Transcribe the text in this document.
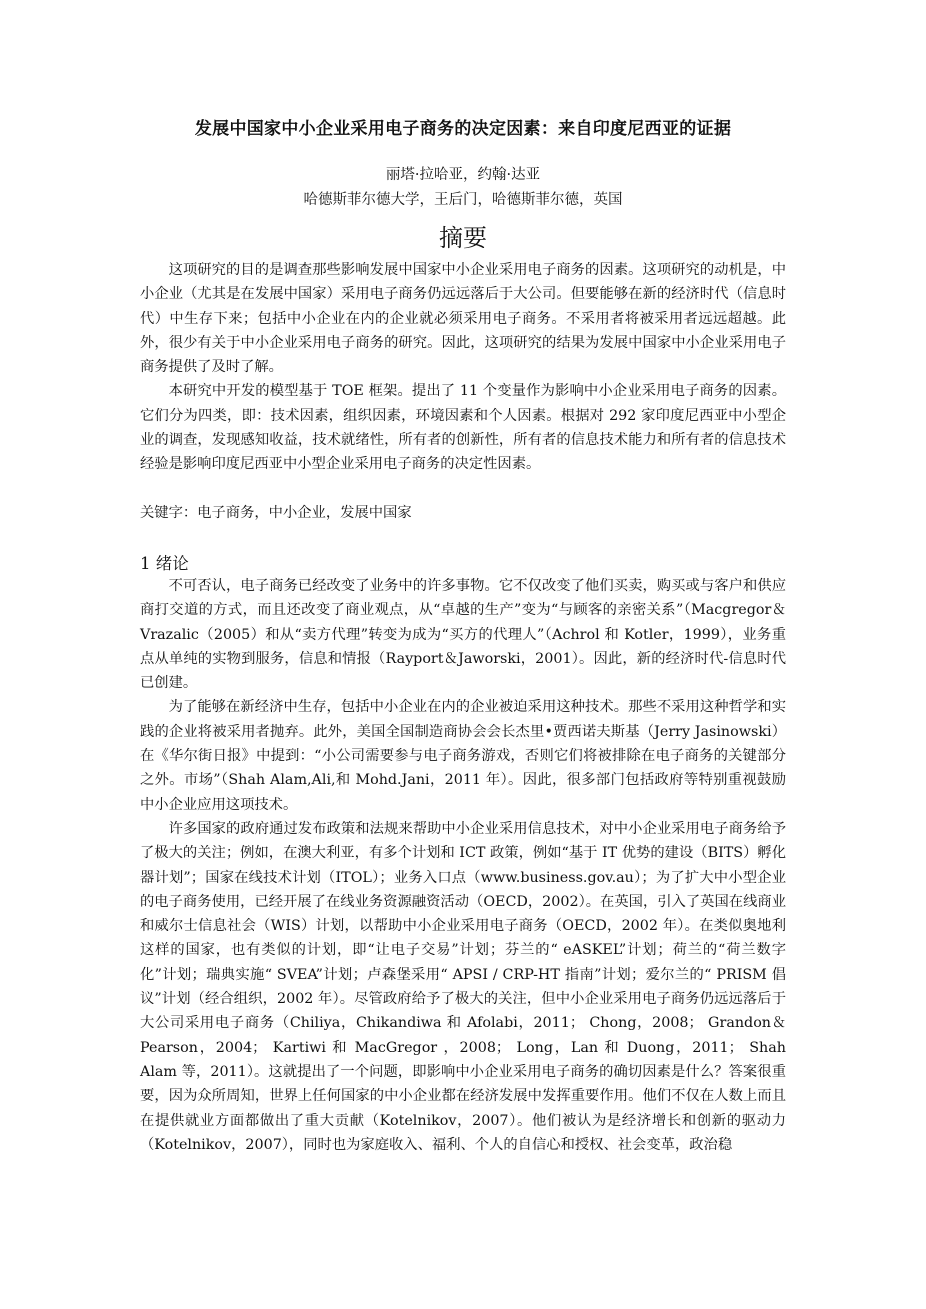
发展中国家中小企业采用电子商务的决定因素：来自印度尼西亚的证据
丽塔·拉哈亚，约翰·达亚
哈德斯菲尔德大学，王后门，哈德斯菲尔德，英国
摘要

这项研究的目的是调查那些影响发展中国家中小企业采用电子商务的因素。这项研究的动机是，中小企业（尤其是在发展中国家）采用电子商务仍远远落后于大公司。但要能够在新的经济时代（信息时代）中生存下来；包括中小企业在内的企业就必须采用电子商务。不采用者将被采用者远远超越。此外，很少有关于中小企业采用电子商务的研究。因此，这项研究的结果为发展中国家中小企业采用电子商务提供了及时了解。

本研究中开发的模型基于 TOE 框架。提出了 11 个变量作为影响中小企业采用电子商务的因素。它们分为四类，即：技术因素，组织因素，环境因素和个人因素。根据对 292 家印度尼西亚中小型企业的调查，发现感知收益，技术就绪性，所有者的创新性，所有者的信息技术能力和所有者的信息技术经验是影响印度尼西亚中小型企业采用电子商务的决定性因素。

关键字：电子商务，中小企业，发展中国家
1 绪论

不可否认，电子商务已经改变了业务中的许多事物。它不仅改变了他们买卖，购买或与客户和供应商打交道的方式，而且还改变了商业观点，从“卓越的生产”变为“与顾客的亲密关系”（Macgregor＆Vrazalic（2005）和从“卖方代理”转变为成为“买方的代理人”（Achrol 和 Kotler，1999），业务重点从单纯的实物到服务，信息和情报（Rayport＆Jaworski，2001）。因此，新的经济时代-信息时代已创建。

为了能够在新经济中生存，包括中小企业在内的企业被迫采用这种技术。那些不采用这种哲学和实践的企业将被采用者抛弃。此外，美国全国制造商协会会长杰里•贾西诺夫斯基（Jerry Jasinowski）在《华尔街日报》中提到：“小公司需要参与电子商务游戏，否则它们将被排除在电子商务的关键部分之外。市场”（Shah Alam,Ali,和 Mohd.Jani，2011 年）。因此，很多部门包括政府等特别重视鼓励中小企业应用这项技术。

许多国家的政府通过发布政策和法规来帮助中小企业采用信息技术，对中小企业采用电子商务给予了极大的关注；例如，在澳大利亚，有多个计划和 ICT 政策，例如“基于 IT 优势的建设（BITS）孵化器计划”；国家在线技术计划（ITOL）；业务入口点（www.business.gov.au）；为了扩大中小型企业的电子商务使用，已经开展了在线业务资源融资活动（OECD，2002）。在英国，引入了英国在线商业和威尔士信息社会（WIS）计划，以帮助中小企业采用电子商务（OECD，2002 年）。在类似奥地利这样的国家，也有类似的计划，即“让电子交易”计划；芬兰的“ eASKEL”计划；荷兰的“荷兰数字化”计划；瑞典实施“ SVEA”计划；卢森堡采用“ APSI / CRP-HT 指南”计划；爱尔兰的“ PRISM 倡议”计划（经合组织，2002 年）。尽管政府给予了极大的关注，但中小企业采用电子商务仍远远落后于大公司采用电子商务（Chiliya，Chikandiwa 和 Afolabi，2011； Chong，2008； Grandon＆Pearson，2004； Kartiwi 和 MacGregor ，2008； Long，Lan 和 Duong，2011； Shah Alam 等，2011）。这就提出了一个问题，即影响中小企业采用电子商务的确切因素是什么？答案很重要，因为众所周知，世界上任何国家的中小企业都在经济发展中发挥重要作用。他们不仅在人数上而且在提供就业方面都做出了重大贡献（Kotelnikov，2007）。他们被认为是经济增长和创新的驱动力（Kotelnikov，2007），同时也为家庭收入、福利、个人的自信心和授权、社会变革，政治稳
